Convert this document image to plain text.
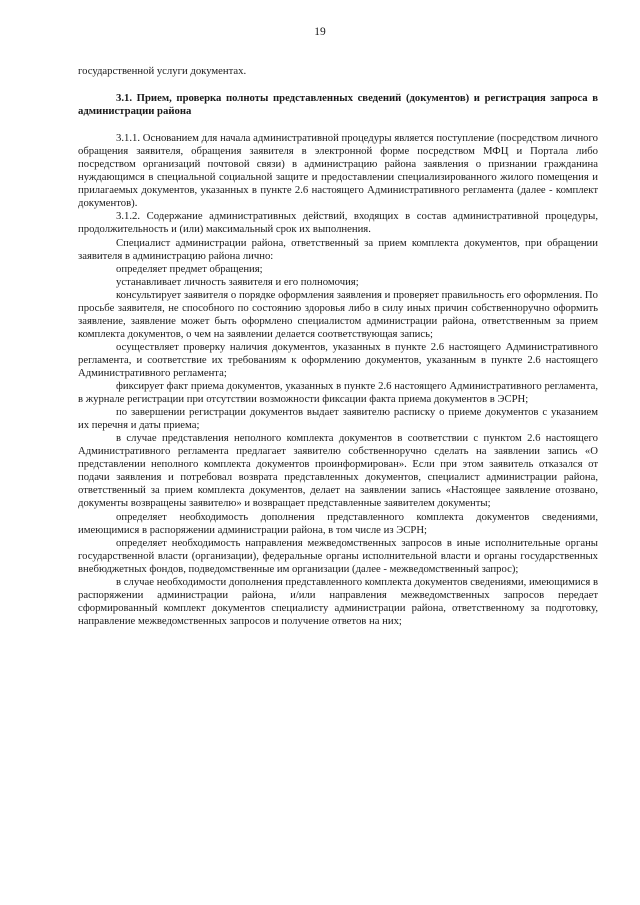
19

государственной услуги документах.

3.1. Прием, проверка полноты представленных сведений (документов) и регистрация запроса в администрации района

3.1.1. Основанием для начала административной процедуры является поступление (посредством личного обращения заявителя, обращения заявителя в электронной форме посредством МФЦ и Портала либо посредством организаций почтовой связи) в администрацию района заявления о признании гражданина нуждающимся в специальной социальной защите и предоставлении специализированного жилого помещения и прилагаемых документов, указанных в пункте 2.6 настоящего Административного регламента (далее - комплект документов).

3.1.2. Содержание административных действий, входящих в состав административной процедуры, продолжительность и (или) максимальный срок их выполнения.

Специалист администрации района, ответственный за прием комплекта документов, при обращении заявителя в администрацию района лично:

определяет предмет обращения;

устанавливает личность заявителя и его полномочия;

консультирует заявителя о порядке оформления заявления и проверяет правильность его оформления. По просьбе заявителя, не способного по состоянию здоровья либо в силу иных причин собственноручно оформить заявление, заявление может быть оформлено специалистом администрации района, ответственным за прием комплекта документов, о чем на заявлении делается соответствующая запись;

осуществляет проверку наличия документов, указанных в пункте 2.6 настоящего Административного регламента, и соответствие их требованиям к оформлению документов, указанным в пункте 2.6 настоящего Административного регламента;

фиксирует факт приема документов, указанных в пункте 2.6 настоящего Административного регламента, в журнале регистрации при отсутствии возможности фиксации факта приема документов в ЭСРН;

по завершении регистрации документов выдает заявителю расписку о приеме документов с указанием их перечня и даты приема;

в случае представления неполного комплекта документов в соответствии с пунктом 2.6 настоящего Административного регламента предлагает заявителю собственноручно сделать на заявлении запись «О представлении неполного комплекта документов проинформирован». Если при этом заявитель отказался от подачи заявления и потребовал возврата представленных документов, специалист администрации района, ответственный за прием комплекта документов, делает на заявлении запись «Настоящее заявление отозвано, документы возвращены заявителю» и возвращает представленные заявителем документы;

определяет необходимость дополнения представленного комплекта документов сведениями, имеющимися в распоряжении администрации района, в том числе из ЭСРН;

определяет необходимость направления межведомственных запросов в иные исполнительные органы государственной власти (организации), федеральные органы исполнительной власти и органы государственных внебюджетных фондов, подведомственные им организации (далее - межведомственный запрос);

в случае необходимости дополнения представленного комплекта документов сведениями, имеющимися в распоряжении администрации района, и/или направления межведомственных запросов передает сформированный комплект документов специалисту администрации района, ответственному за подготовку, направление межведомственных запросов и получение ответов на них;
